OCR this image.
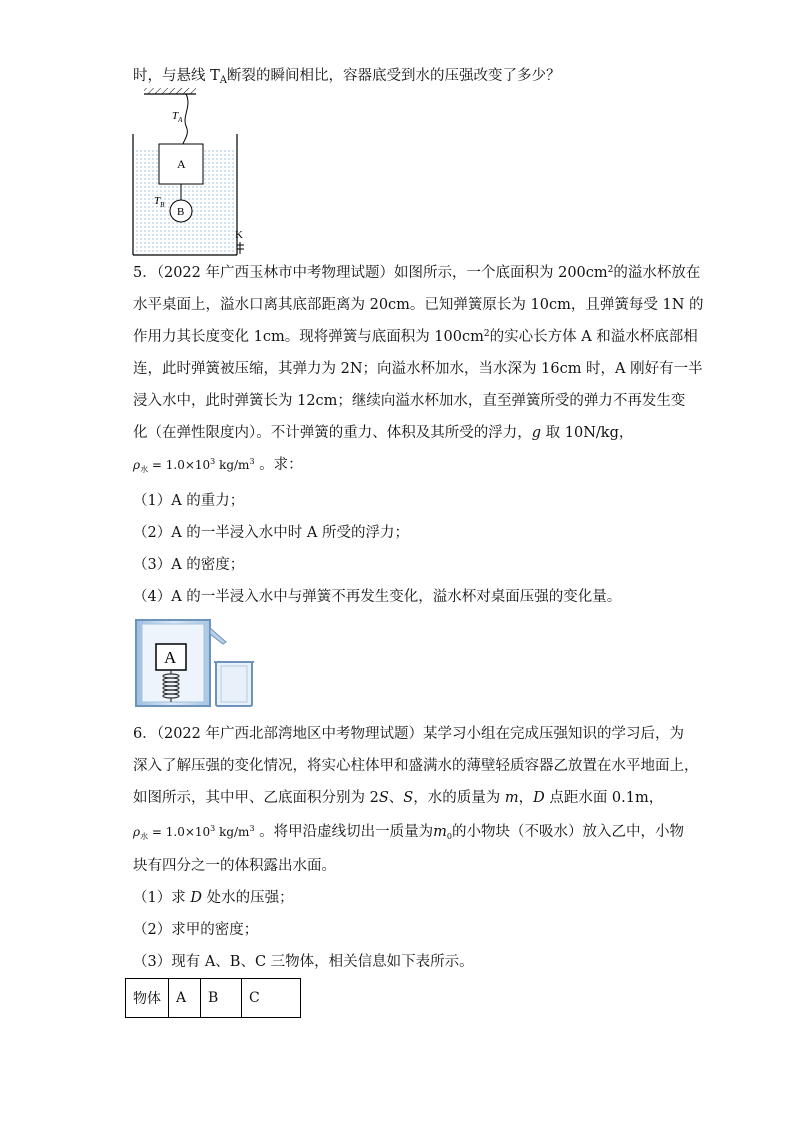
时，与悬线 $T_A$断裂的瞬间相比，容器底受到水的压强改变了多少？
$T_A$
A
$T_B$
B
K
5．（2022 年广西玉林市中考物理试题）如图所示，一个底面积为 $200cm^2$的溢水杯放在
水平桌面上，溢水口离其底部距离为 20cm。已知弹簧原长为 10cm，且弹簧每受 1N 的
作用力其长度变化 1cm。现将弹簧与底面积为 $100cm^2$的实心长方体 A 和溢水杯底部相
连，此时弹簧被压缩，其弹力为 2N；向溢水杯加水，当水深为 16cm 时，A 刚好有一半
浸入水中，此时弹簧长为 12cm；继续向溢水杯加水，直至弹簧所受的弹力不再发生变
化（在弹性限度内）。不计弹簧的重力、体积及其所受的浮力，g 取 10N/kg，
$\rho_水 = 1.0\times 10^3$ $kg/m^3$ 。求：
（1）A 的重力；
（2）A 的一半浸入水中时 A 所受的浮力；
（3）A 的密度；
（4）A 的一半浸入水中与弹簧不再发生变化，溢水杯对桌面压强的变化量。
A
6．（2022 年广西北部湾地区中考物理试题）某学习小组在完成压强知识的学习后，为
深入了解压强的变化情况，将实心柱体甲和盛满水的薄壁轻质容器乙放置在水平地面上，
如图所示，其中甲、乙底面积分别为 2S、S，水的质量为 m，D 点距水面 0.1m，
$\rho_水 = 1.0\times 10^3$ $kg/m^3$ 。将甲沿虚线切出一质量为$m_0$的小物块（不吸水）放入乙中，小物
块有四分之一的体积露出水面。
（1）求 D 处水的压强；
（2）求甲的密度；
（3）现有 A、B、C 三物体，相关信息如下表所示。
物体	A	B	C
